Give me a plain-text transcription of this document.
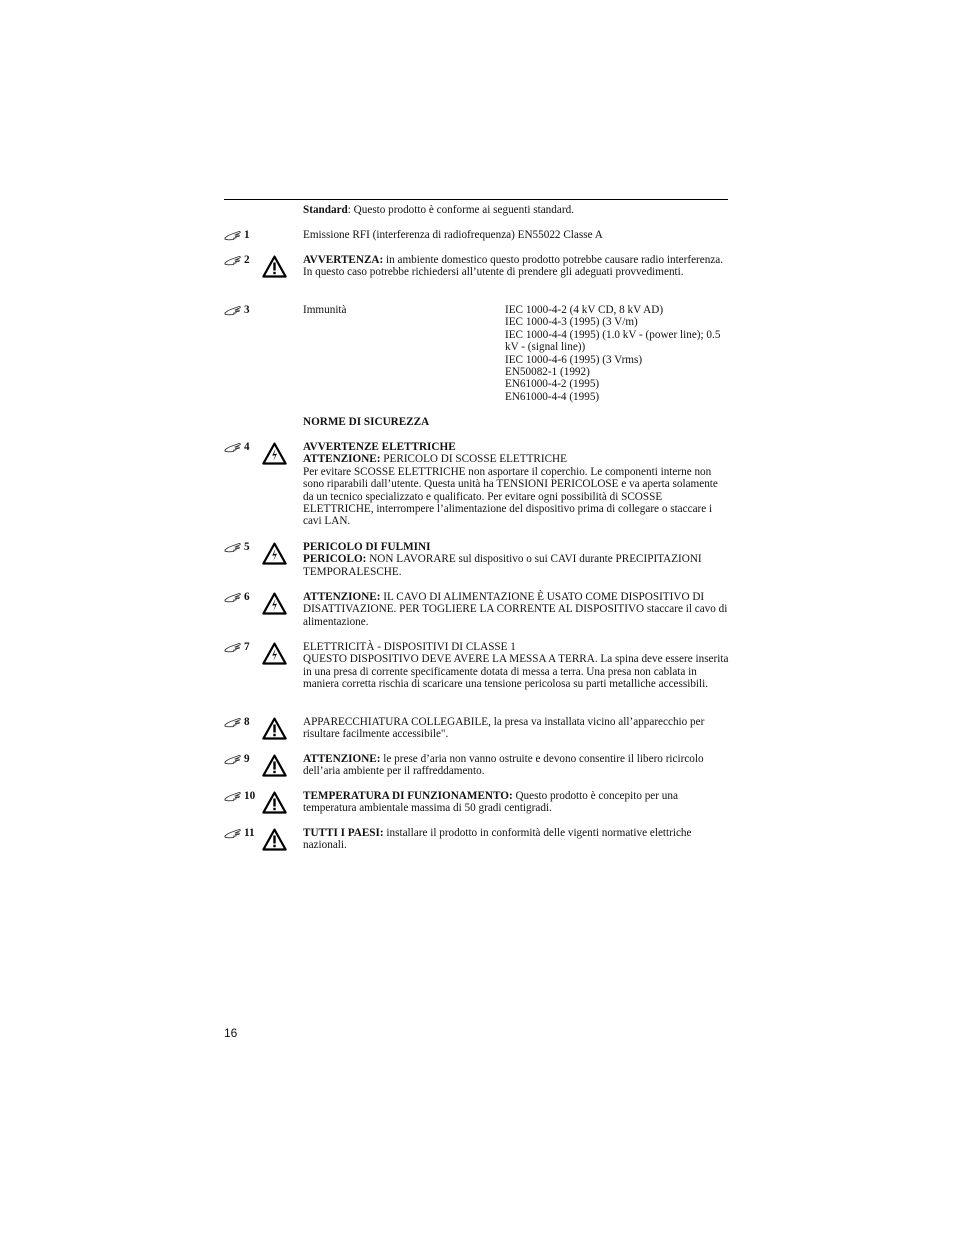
Standard: Questo prodotto è conforme ai seguenti standard.
1	Emissione RFI (interferenza di radiofrequenza) EN55022 Classe A
2	AVVERTENZA: in ambiente domestico questo prodotto potrebbe causare radio interferenza. In questo caso potrebbe richiedersi all’utente di prendere gli adeguati provvedimenti.
3	Immunità	IEC 1000-4-2 (4 kV CD, 8 kV AD)
IEC 1000-4-3 (1995) (3 V/m)
IEC 1000-4-4 (1995) (1.0 kV - (power line); 0.5 kV - (signal line))
IEC 1000-4-6 (1995) (3 Vrms)
EN50082-1 (1992)
EN61000-4-2 (1995)
EN61000-4-4 (1995)
NORME DI SICUREZZA
4	AVVERTENZE ELETTRICHE
ATTENZIONE: PERICOLO DI SCOSSE ELETTRICHE
Per evitare SCOSSE ELETTRICHE non asportare il coperchio. Le componenti interne non sono riparabili dall’utente. Questa unità ha TENSIONI PERICOLOSE e va aperta solamente da un tecnico specializzato e qualificato. Per evitare ogni possibilità di SCOSSE ELETTRICHE, interrompere l’alimentazione del dispositivo prima di collegare o staccare i cavi LAN.
5	PERICOLO DI FULMINI
PERICOLO: NON LAVORARE sul dispositivo o sui CAVI durante PRECIPITAZIONI TEMPORALESCHE.
6	ATTENZIONE: IL CAVO DI ALIMENTAZIONE È USATO COME DISPOSITIVO DI DISATTIVAZIONE. PER TOGLIERE LA CORRENTE AL DISPOSITIVO staccare il cavo di alimentazione.
7	ELETTRICITÀ - DISPOSITIVI DI CLASSE 1
QUESTO DISPOSITIVO DEVE AVERE LA MESSA A TERRA. La spina deve essere inserita in una presa di corrente specificamente dotata di messa a terra. Una presa non cablata in maniera corretta rischia di scaricare una tensione pericolosa su parti metalliche accessibili.
8	APPARECCHIATURA COLLEGABILE, la presa va installata vicino all’apparecchio per risultare facilmente accessibile".
9	ATTENZIONE: le prese d’aria non vanno ostruite e devono consentire il libero ricircolo dell’aria ambiente per il raffreddamento.
10	TEMPERATURA DI FUNZIONAMENTO: Questo prodotto è concepito per una temperatura ambientale massima di 50 gradi centigradi.
11	TUTTI I PAESI: installare il prodotto in conformità delle vigenti normative elettriche nazionali.
16
